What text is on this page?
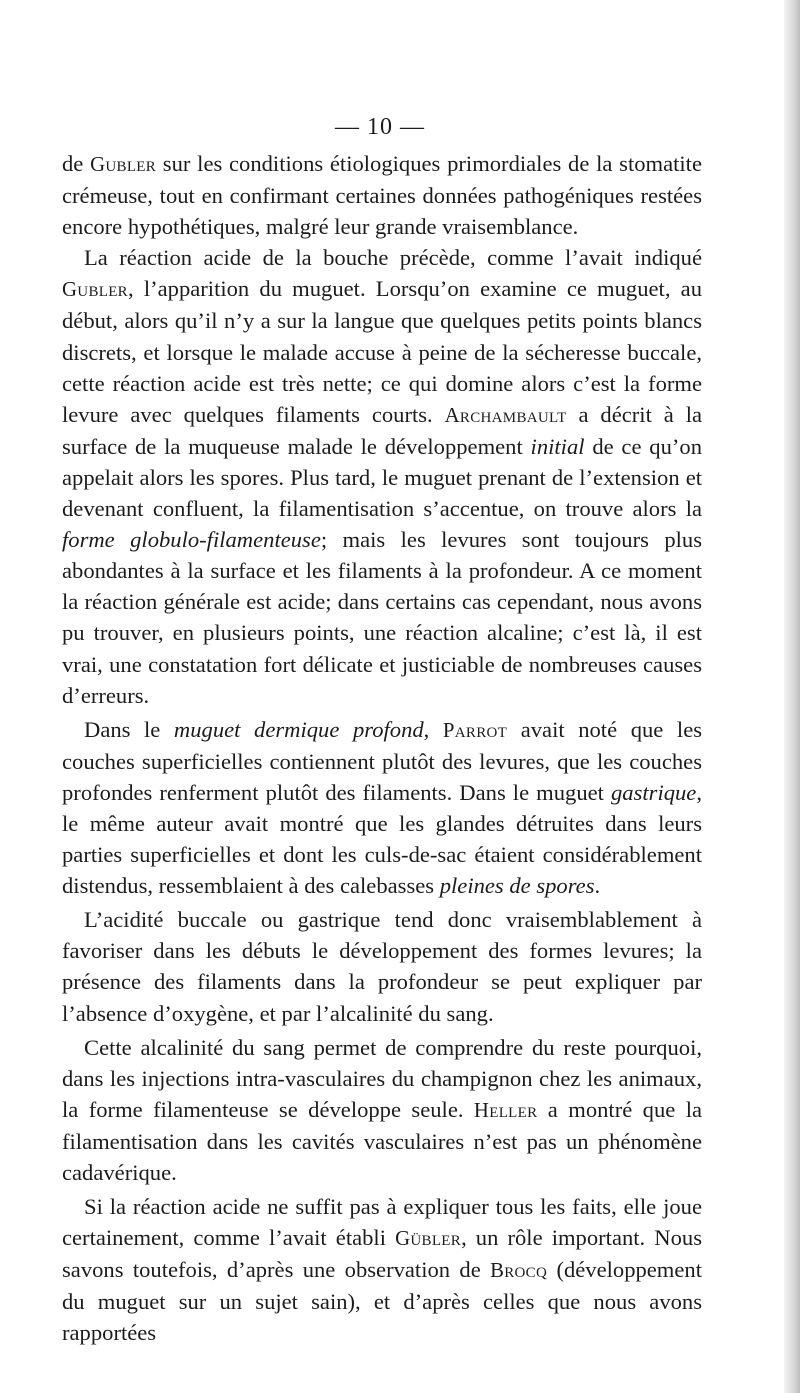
— 10 —

de Gubler sur les conditions étiologiques primordiales de la stomatite crémeuse, tout en confirmant certaines données pathogéniques restées encore hypothétiques, malgré leur grande vraisemblance.

La réaction acide de la bouche précède, comme l’avait indiqué Gubler, l’apparition du muguet. Lorsqu’on examine ce muguet, au début, alors qu’il n’y a sur la langue que quelques petits points blancs discrets, et lorsque le malade accuse à peine de la sécheresse buccale, cette réaction acide est très nette; ce qui domine alors c’est la forme levure avec quelques filaments courts. Archambault a décrit à la surface de la muqueuse malade le développement initial de ce qu’on appelait alors les spores. Plus tard, le muguet prenant de l’extension et devenant confluent, la filamentisation s’accentue, on trouve alors la forme globulo-filamenteuse; mais les levures sont toujours plus abondantes à la surface et les filaments à la profondeur. A ce moment la réaction générale est acide; dans certains cas cependant, nous avons pu trouver, en plusieurs points, une réaction alcaline; c’est là, il est vrai, une constatation fort délicate et justiciable de nombreuses causes d’erreurs.

Dans le muguet dermique profond, Parrot avait noté que les couches superficielles contiennent plutôt des levures, que les couches profondes renferment plutôt des filaments. Dans le muguet gastrique, le même auteur avait montré que les glandes détruites dans leurs parties superficielles et dont les culs-de-sac étaient considérablement distendus, ressemblaient à des calebasses pleines de spores.

L’acidité buccale ou gastrique tend donc vraisemblablement à favoriser dans les débuts le développement des formes levures; la présence des filaments dans la profondeur se peut expliquer par l’absence d’oxygène, et par l’alcalinité du sang.

Cette alcalinité du sang permet de comprendre du reste pourquoi, dans les injections intra-vasculaires du champignon chez les animaux, la forme filamenteuse se développe seule. Heller a montré que la filamentisation dans les cavités vasculaires n’est pas un phénomène cadavérique.

Si la réaction acide ne suffit pas à expliquer tous les faits, elle joue certainement, comme l’avait établi Gübler, un rôle important. Nous savons toutefois, d’après une observation de Brocq (développement du muguet sur un sujet sain), et d’après celles que nous avons rapportées
